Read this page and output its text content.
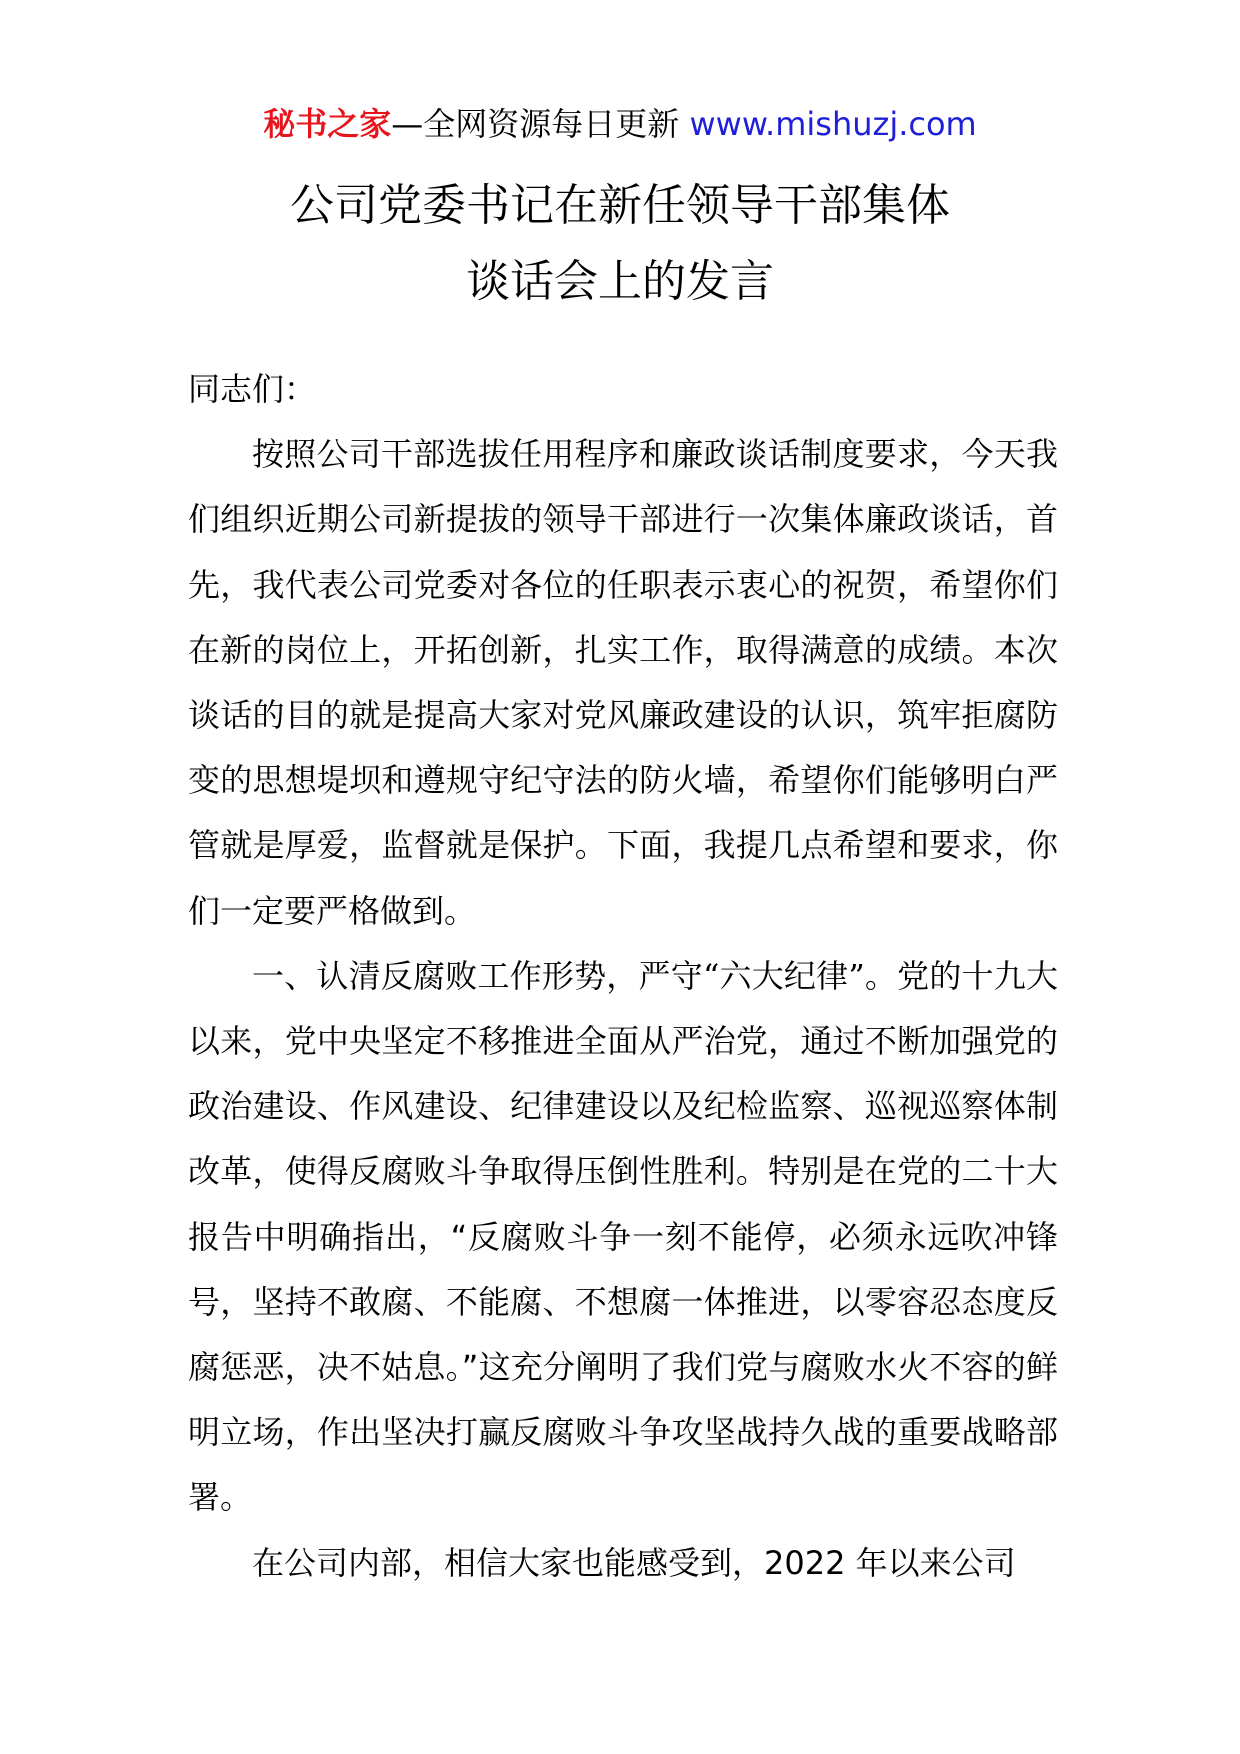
秘书之家—全网资源每日更新 www.mishuzj.com
公司党委书记在新任领导干部集体
谈话会上的发言

同志们：

按照公司干部选拔任用程序和廉政谈话制度要求，今天我们组织近期公司新提拔的领导干部进行一次集体廉政谈话，首先，我代表公司党委对各位的任职表示衷心的祝贺，希望你们在新的岗位上，开拓创新，扎实工作，取得满意的成绩。本次谈话的目的就是提高大家对党风廉政建设的认识，筑牢拒腐防变的思想堤坝和遵规守纪守法的防火墙，希望你们能够明白严管就是厚爱，监督就是保护。下面，我提几点希望和要求，你们一定要严格做到。

一、认清反腐败工作形势，严守“六大纪律”。党的十九大以来，党中央坚定不移推进全面从严治党，通过不断加强党的政治建设、作风建设、纪律建设以及纪检监察、巡视巡察体制改革，使得反腐败斗争取得压倒性胜利。特别是在党的二十大报告中明确指出，“反腐败斗争一刻不能停，必须永远吹冲锋号，坚持不敢腐、不能腐、不想腐一体推进，以零容忍态度反腐惩恶，决不姑息。”这充分阐明了我们党与腐败水火不容的鲜明立场，作出坚决打赢反腐败斗争攻坚战持久战的重要战略部署。

在公司内部，相信大家也能感受到，2022 年以来公司
